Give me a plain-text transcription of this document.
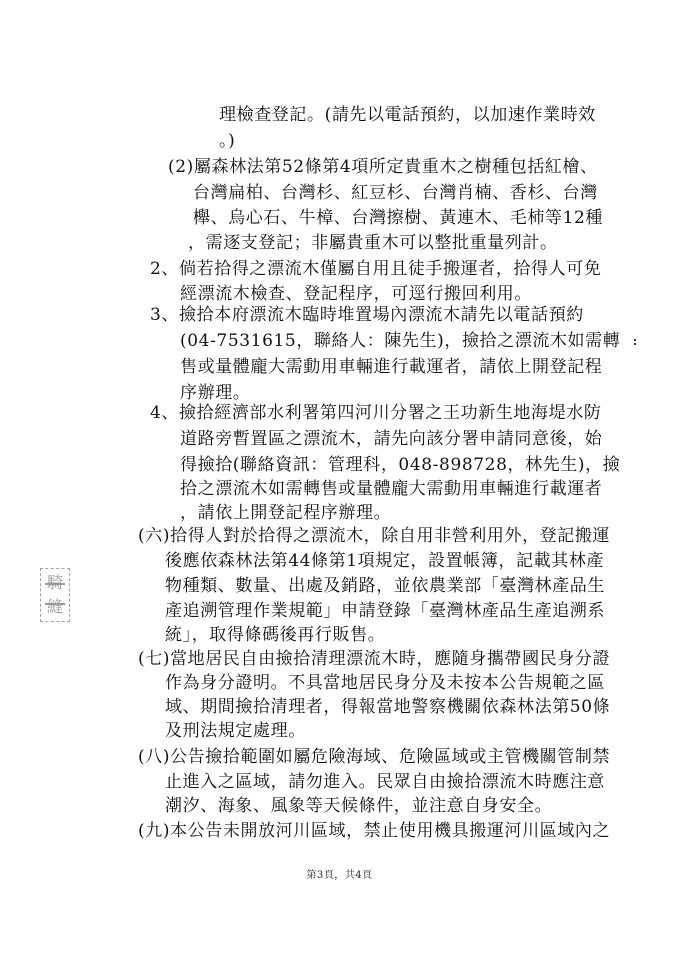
理檢查登記。(請先以電話預約，以加速作業時效

。)

(2)屬森林法第52條第4項所定貴重木之樹種包括紅檜、

台灣扁柏、台灣杉、紅豆杉、台灣肖楠、香杉、台灣

櫸、烏心石、牛樟、台灣擦樹、黃連木、毛柿等12種

，需逐支登記；非屬貴重木可以整批重量列計。

2、倘若拾得之漂流木僅屬自用且徒手搬運者，拾得人可免

經漂流木檢查、登記程序，可逕行搬回利用。

3、撿拾本府漂流木臨時堆置場內漂流木請先以電話預約

(04-7531615，聯絡人：陳先生)，撿拾之漂流木如需轉

售或量體龐大需動用車輛進行載運者，請依上開登記程

序辦理。

4、撿拾經濟部水利署第四河川分署之王功新生地海堤水防

道路旁暫置區之漂流木，請先向該分署申請同意後，始

得撿拾(聯絡資訊：管理科，048-898728，林先生)，撿

拾之漂流木如需轉售或量體龐大需動用車輛進行載運者

，請依上開登記程序辦理。

(六)拾得人對於拾得之漂流木，除自用非營利用外，登記搬運

後應依森林法第44條第1項規定，設置帳簿，記載其林產

物種類、數量、出處及銷路，並依農業部「臺灣林產品生

產追溯管理作業規範」申請登錄「臺灣林產品生產追溯系

統」，取得條碼後再行販售。

(七)當地居民自由撿拾清理漂流木時，應隨身攜帶國民身分證

作為身分證明。不具當地居民身分及未按本公告規範之區

域、期間撿拾清理者，得報當地警察機關依森林法第50條

及刑法規定處理。

(八)公告撿拾範圍如屬危險海域、危險區域或主管機關管制禁

止進入之區域，請勿進入。民眾自由撿拾漂流木時應注意

潮汐、海象、風象等天候條件，並注意自身安全。

(九)本公告未開放河川區域，禁止使用機具搬運河川區域內之

第3頁，共4頁
騎縫
